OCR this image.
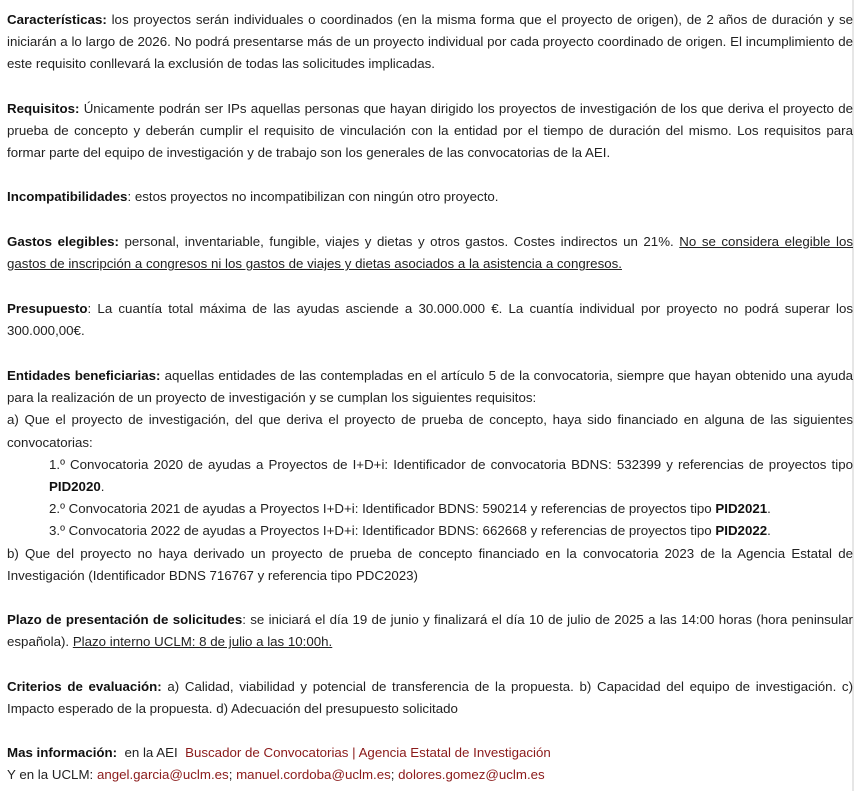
Características: los proyectos serán individuales o coordinados (en la misma forma que el proyecto de origen), de 2 años de duración y se iniciarán a lo largo de 2026. No podrá presentarse más de un proyecto individual por cada proyecto coordinado de origen. El incumplimiento de este requisito conllevará la exclusión de todas las solicitudes implicadas.

Requisitos: Únicamente podrán ser IPs aquellas personas que hayan dirigido los proyectos de investigación de los que deriva el proyecto de prueba de concepto y deberán cumplir el requisito de vinculación con la entidad por el tiempo de duración del mismo. Los requisitos para formar parte del equipo de investigación y de trabajo son los generales de las convocatorias de la AEI.

Incompatibilidades: estos proyectos no incompatibilizan con ningún otro proyecto.

Gastos elegibles: personal, inventariable, fungible, viajes y dietas y otros gastos. Costes indirectos un 21%. No se considera elegible los gastos de inscripción a congresos ni los gastos de viajes y dietas asociados a la asistencia a congresos.

Presupuesto: La cuantía total máxima de las ayudas asciende a 30.000.000 €. La cuantía individual por proyecto no podrá superar los 300.000,00€.

Entidades beneficiarias: aquellas entidades de las contempladas en el artículo 5 de la convocatoria, siempre que hayan obtenido una ayuda para la realización de un proyecto de investigación y se cumplan los siguientes requisitos:
a) Que el proyecto de investigación, del que deriva el proyecto de prueba de concepto, haya sido financiado en alguna de las siguientes convocatorias:
1.º Convocatoria 2020 de ayudas a Proyectos de I+D+i: Identificador de convocatoria BDNS: 532399 y referencias de proyectos tipo PID2020.
2.º Convocatoria 2021 de ayudas a Proyectos I+D+i: Identificador BDNS: 590214 y referencias de proyectos tipo PID2021.
3.º Convocatoria 2022 de ayudas a Proyectos I+D+i: Identificador BDNS: 662668 y referencias de proyectos tipo PID2022.
b) Que del proyecto no haya derivado un proyecto de prueba de concepto financiado en la convocatoria 2023 de la Agencia Estatal de Investigación (Identificador BDNS 716767 y referencia tipo PDC2023)

Plazo de presentación de solicitudes: se iniciará el día 19 de junio y finalizará el día 10 de julio de 2025 a las 14:00 horas (hora peninsular española). Plazo interno UCLM: 8 de julio a las 10:00h.

Criterios de evaluación: a) Calidad, viabilidad y potencial de transferencia de la propuesta. b) Capacidad del equipo de investigación. c) Impacto esperado de la propuesta. d) Adecuación del presupuesto solicitado

Mas información: en la AEI Buscador de Convocatorias | Agencia Estatal de Investigación
Y en la UCLM: angel.garcia@uclm.es; manuel.cordoba@uclm.es; dolores.gomez@uclm.es
